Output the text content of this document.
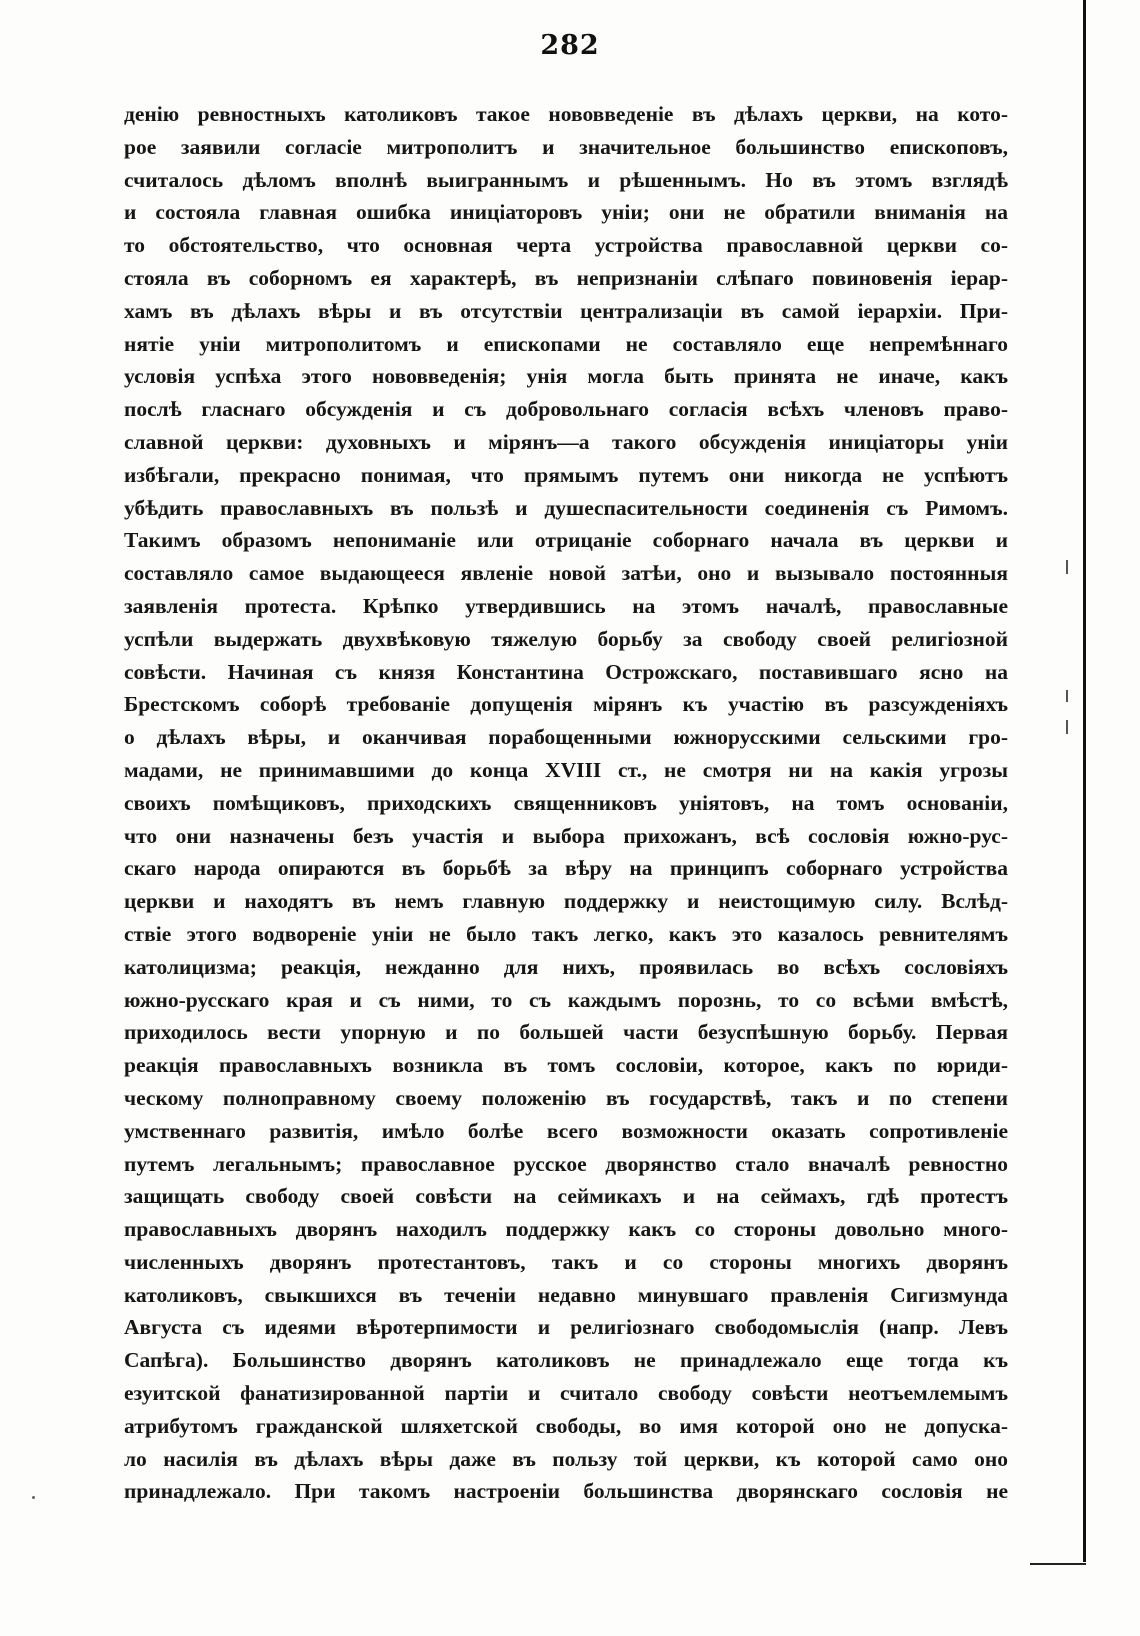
282
денію ревностныхъ католиковъ такое нововведеніе въ дѣлахъ церкви, на кото-
рое заявили согласіе митрополитъ и значительное большинство епископовъ,
считалось дѣломъ вполнѣ выиграннымъ и рѣшеннымъ. Но въ этомъ взглядѣ
и состояла главная ошибка иниціаторовъ уніи; они не обратили вниманія на
то обстоятельство, что основная черта устройства православной церкви со-
стояла въ соборномъ ея характерѣ, въ непризнаніи слѣпаго повиновенія іерар-
хамъ въ дѣлахъ вѣры и въ отсутствіи централизаціи въ самой іерархіи. При-
нятіе уніи митрополитомъ и епископами не составляло еще непремѣннаго
условія успѣха этого нововведенія; унія могла быть принята не иначе, какъ
послѣ гласнаго обсужденія и съ добровольнаго согласія всѣхъ членовъ право-
славной церкви: духовныхъ и мірянъ—а такого обсужденія иниціаторы уніи
избѣгали, прекрасно понимая, что прямымъ путемъ они никогда не успѣютъ
убѣдить православныхъ въ пользѣ и душеспасительности соединенія съ Римомъ.
Такимъ образомъ непониманіе или отрицаніе соборнаго начала въ церкви и
составляло самое выдающееся явленіе новой затѣи, оно и вызывало постоянныя
заявленія протеста. Крѣпко утвердившись на этомъ началѣ, православные
успѣли выдержать двухвѣковую тяжелую борьбу за свободу своей религіозной
совѣсти. Начиная съ князя Константина Острожскаго, поставившаго ясно на
Брестскомъ соборѣ требованіе допущенія мірянъ къ участію въ разсужденіяхъ
о дѣлахъ вѣры, и оканчивая порабощенными южнорусскими сельскими гро-
мадами, не принимавшими до конца XVIII ст., не смотря ни на какія угрозы
своихъ помѣщиковъ, приходскихъ священниковъ уніятовъ, на томъ основаніи,
что они назначены безъ участія и выбора прихожанъ, всѣ сословія южно-рус-
скаго народа опираются въ борьбѣ за вѣру на принципъ соборнаго устройства
церкви и находятъ въ немъ главную поддержку и неистощимую силу. Вслѣд-
ствіе этого водвореніе уніи не было такъ легко, какъ это казалось ревнителямъ
католицизма; реакція, нежданно для нихъ, проявилась во всѣхъ сословіяхъ
южно-русскаго края и съ ними, то съ каждымъ порознь, то со всѣми вмѣстѣ,
приходилось вести упорную и по большей части безуспѣшную борьбу. Первая
реакція православныхъ возникла въ томъ сословіи, которое, какъ по юриди-
ческому полноправному своему положенію въ государствѣ, такъ и по степени
умственнаго развитія, имѣло болѣе всего возможности оказать сопротивленіе
путемъ легальнымъ; православное русское дворянство стало вначалѣ ревностно
защищать свободу своей совѣсти на сеймикахъ и на сеймахъ, гдѣ протестъ
православныхъ дворянъ находилъ поддержку какъ со стороны довольно много-
численныхъ дворянъ протестантовъ, такъ и со стороны многихъ дворянъ
католиковъ, свыкшихся въ теченіи недавно минувшаго правленія Сигизмунда
Августа съ идеями вѣротерпимости и религіознаго свободомыслія (напр. Левъ
Сапѣга). Большинство дворянъ католиковъ не принадлежало еще тогда къ
езуитской фанатизированной партіи и считало свободу совѣсти неотъемлемымъ
атрибутомъ гражданской шляхетской свободы, во имя которой оно не допуска-
ло насилія въ дѣлахъ вѣры даже въ пользу той церкви, къ которой само оно
принадлежало. При такомъ настроеніи большинства дворянскаго сословія не
